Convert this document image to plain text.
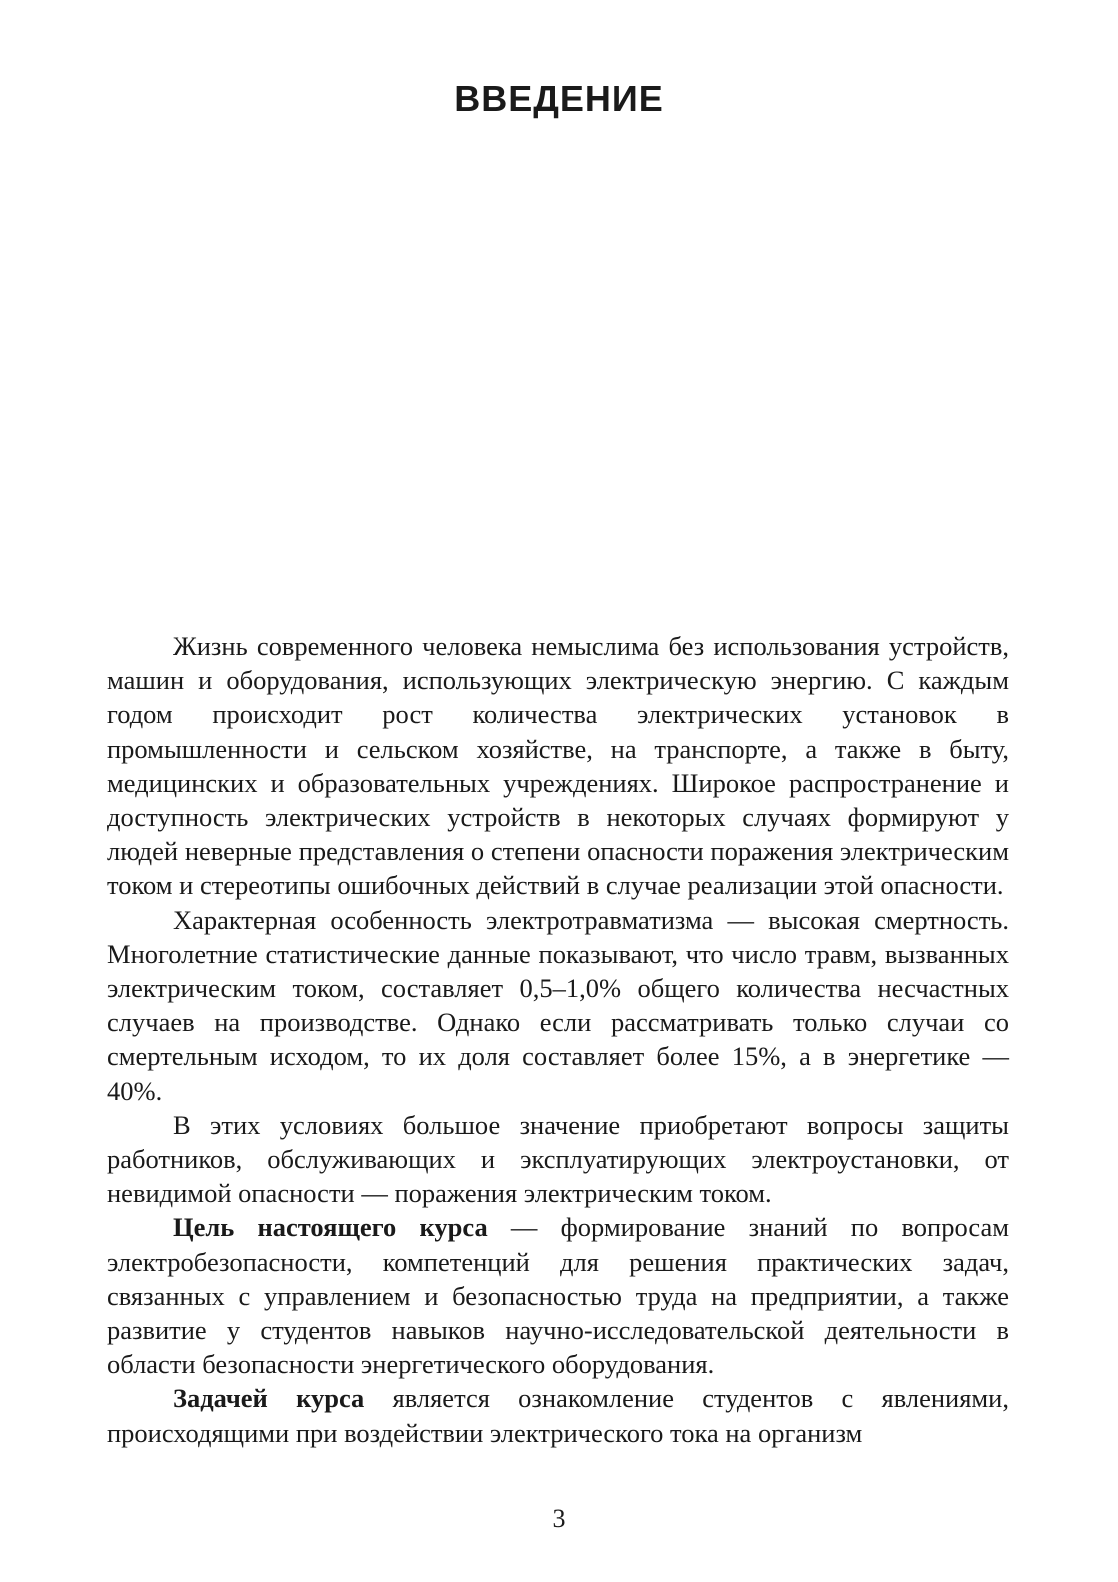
ВВЕДЕНИЕ

Жизнь современного человека немыслима без использования устройств, машин и оборудования, использующих электрическую энергию. С каждым годом происходит рост количества электрических установок в промышленности и сельском хозяйстве, на транспорте, а также в быту, медицинских и образовательных учреждениях. Широкое распространение и доступность электрических устройств в некоторых случаях формируют у людей неверные представления о степени опасности поражения электрическим током и стереотипы ошибочных действий в случае реализации этой опасности.

Характерная особенность электротравматизма — высокая смертность. Многолетние статистические данные показывают, что число травм, вызванных электрическим током, составляет 0,5–1,0% общего количества несчастных случаев на производстве. Однако если рассматривать только случаи со смертельным исходом, то их доля составляет более 15%, а в энергетике — 40%.

В этих условиях большое значение приобретают вопросы защиты работников, обслуживающих и эксплуатирующих электроустановки, от невидимой опасности — поражения электрическим током.

Цель настоящего курса — формирование знаний по вопросам электробезопасности, компетенций для решения практических задач, связанных с управлением и безопасностью труда на предприятии, а также развитие у студентов навыков научно-исследовательской деятельности в области безопасности энергетического оборудования.

Задачей курса является ознакомление студентов с явлениями, происходящими при воздействии электрического тока на организм

3
